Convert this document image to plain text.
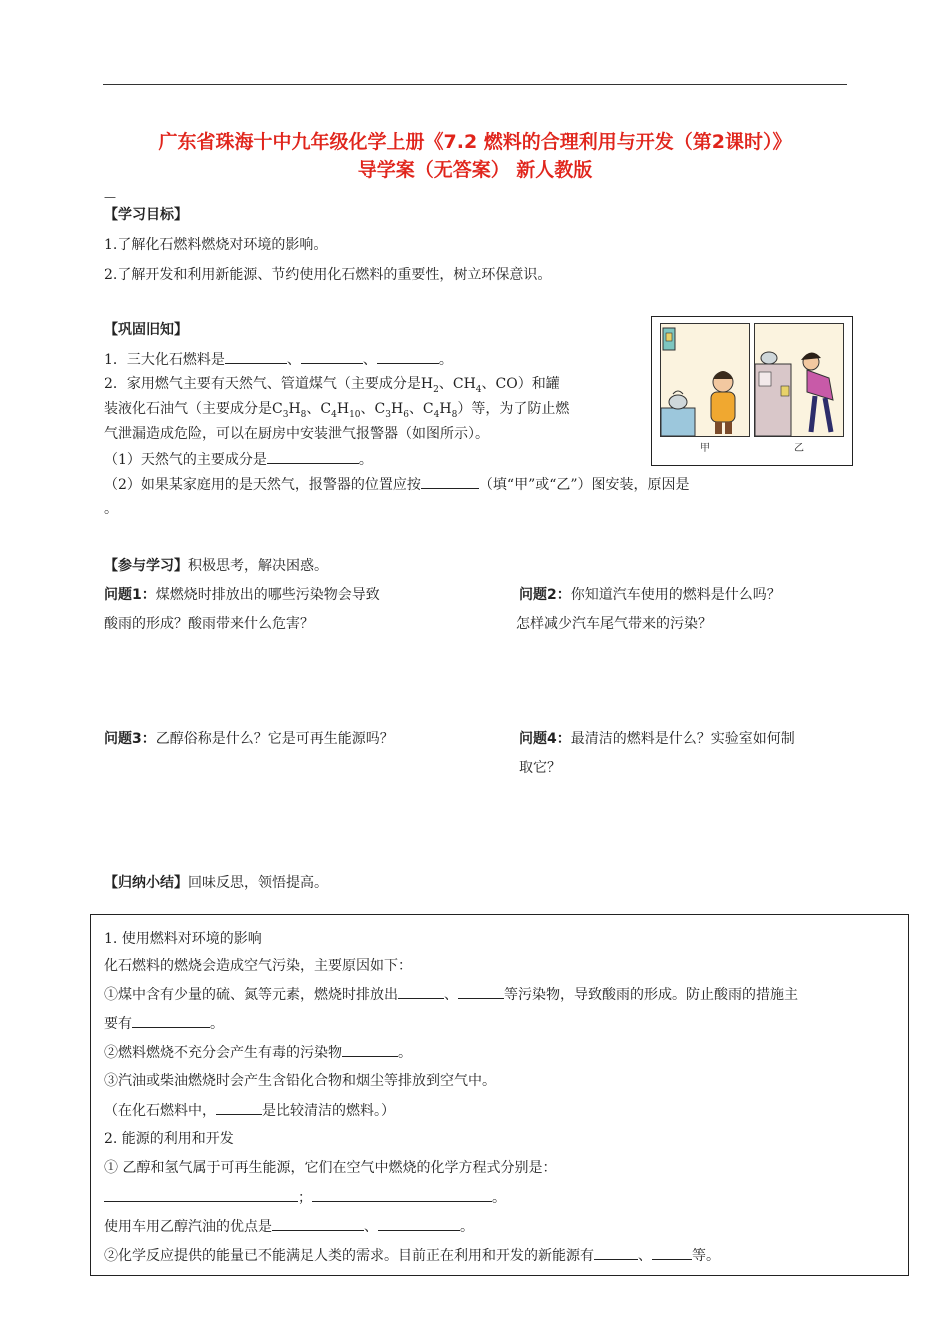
广东省珠海十中九年级化学上册《7.2 燃料的合理利用与开发（第2课时）》
导学案（无答案） 新人教版
—
【学习目标】
1.了解化石燃料燃烧对环境的影响。
2.了解开发和利用新能源、节约使用化石燃料的重要性，树立环保意识。
【巩固旧知】
1．三大化石燃料是	、	、	。
2．家用燃气主要有天然气、管道煤气（主要成分是$H_2$、$CH_4$、CO）和罐
装液化石油气（主要成分是$C_3H_8$、$C_4H_{10}$、$C_3H_6$、$C_4H_8$）等，为了防止燃
气泄漏造成危险，可以在厨房中安装泄气报警器（如图所示）。
（1）天然气的主要成分是	。
（2）如果某家庭用的是天然气，报警器的位置应按	（填“甲”或“乙”）图安装，原因是
。
甲	乙
【参与学习】积极思考，解决困惑。
问题1：煤燃烧时排放出的哪些污染物会导致
酸雨的形成？酸雨带来什么危害？
问题2：你知道汽车使用的燃料是什么吗？
怎样减少汽车尾气带来的污染？
问题3：乙醇俗称是什么？它是可再生能源吗？	问题4：最清洁的燃料是什么？实验室如何制
取它？
【归纳小结】回味反思，领悟提高。
1. 使用燃料对环境的影响
化石燃料的燃烧会造成空气污染，主要原因如下：
①煤中含有少量的硫、氮等元素，燃烧时排放出	、	等污染物，导致酸雨的形成。防止酸雨的措施主
要有	。
②燃料燃烧不充分会产生有毒的污染物	。
③汽油或柴油燃烧时会产生含铅化合物和烟尘等排放到空气中。
（在化石燃料中，	是比较清洁的燃料。）
2. 能源的利用和开发
① 乙醇和氢气属于可再生能源，它们在空气中燃烧的化学方程式分别是：
；	。
使用车用乙醇汽油的优点是	、	。
②化学反应提供的能量已不能满足人类的需求。目前正在利用和开发的新能源有	、	等。
